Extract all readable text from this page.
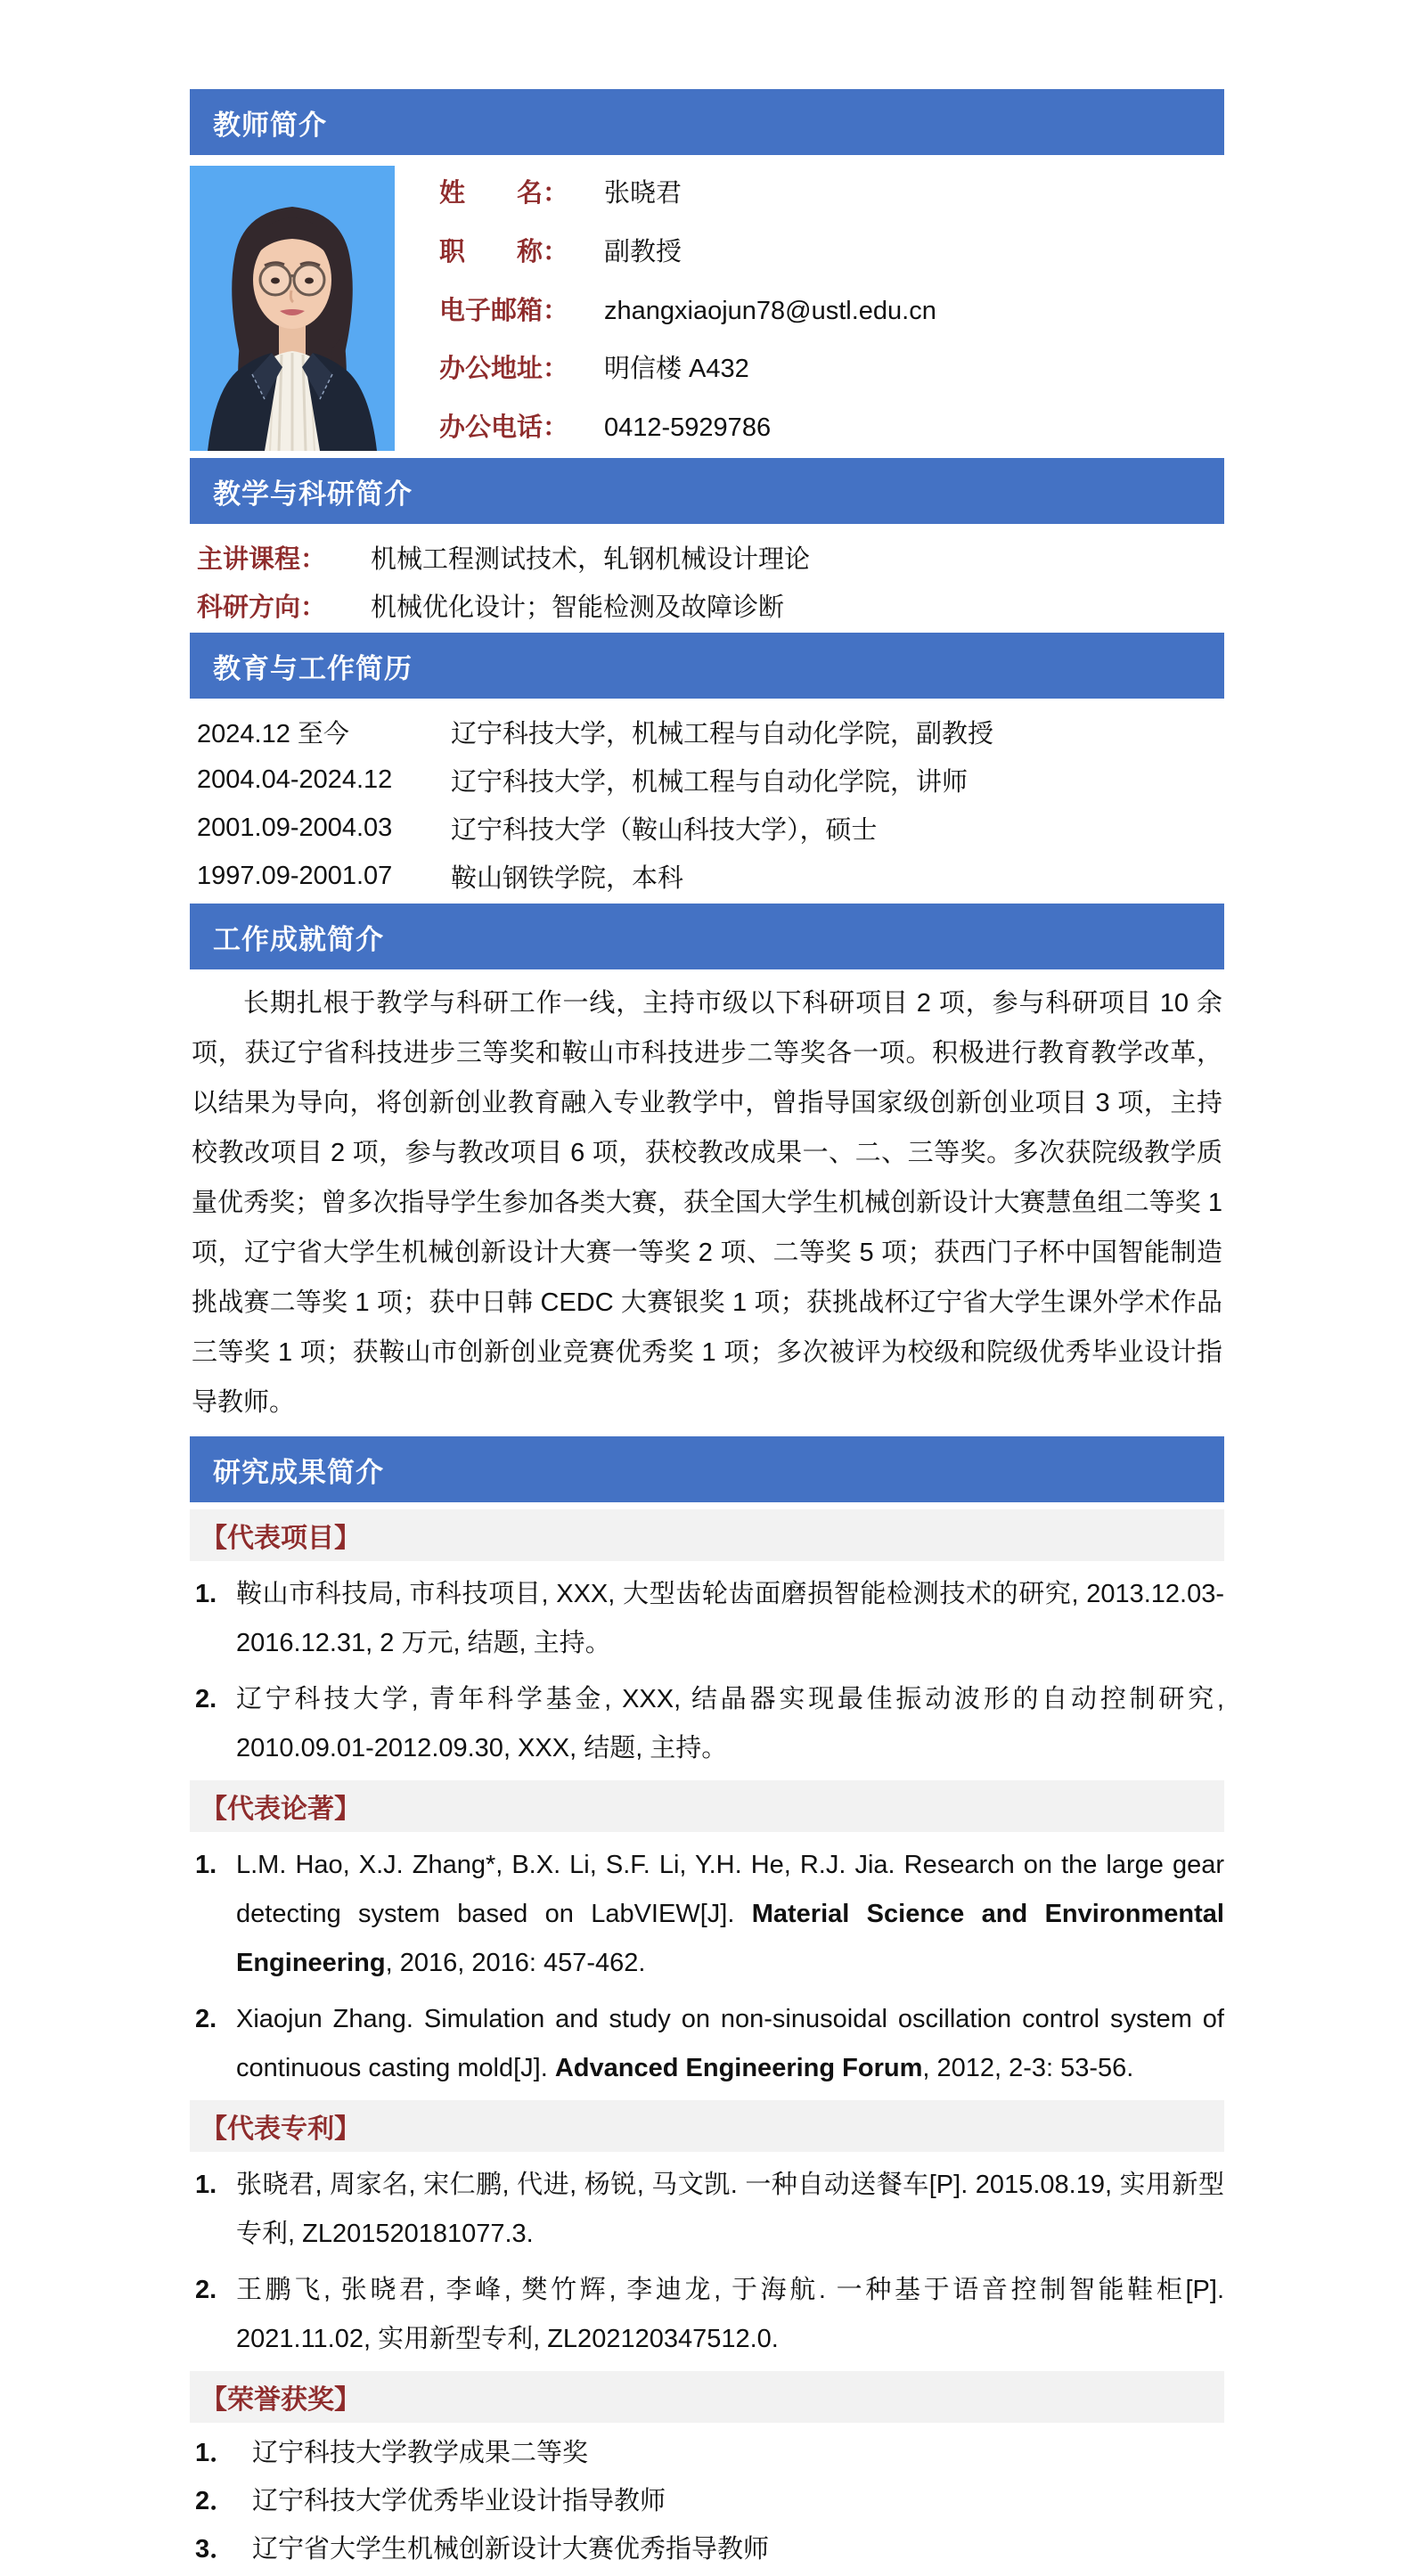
教师简介
姓　　名：	张晓君
职　　称：	副教授
电子邮箱：	zhangxiaojun78@ustl.edu.cn
办公地址：	明信楼 A432
办公电话：	0412-5929786
教学与科研简介
主讲课程：	机械工程测试技术，轧钢机械设计理论
科研方向：	机械优化设计；智能检测及故障诊断
教育与工作简历
2024.12 至今	辽宁科技大学，机械工程与自动化学院，副教授
2004.04-2024.12	辽宁科技大学，机械工程与自动化学院，讲师
2001.09-2004.03	辽宁科技大学（鞍山科技大学），硕士
1997.09-2001.07	鞍山钢铁学院，本科
工作成就简介

长期扎根于教学与科研工作一线，主持市级以下科研项目 2 项，参与科研项目 10 余项，获辽宁省科技进步三等奖和鞍山市科技进步二等奖各一项。积极进行教育教学改革，以结果为导向，将创新创业教育融入专业教学中，曾指导国家级创新创业项目 3 项，主持校教改项目 2 项，参与教改项目 6 项，获校教改成果一、二、三等奖。多次获院级教学质量优秀奖；曾多次指导学生参加各类大赛，获全国大学生机械创新设计大赛慧鱼组二等奖 1 项，辽宁省大学生机械创新设计大赛一等奖 2 项、二等奖 5 项；获西门子杯中国智能制造挑战赛二等奖 1 项；获中日韩 CEDC 大赛银奖 1 项；获挑战杯辽宁省大学生课外学术作品三等奖 1 项；获鞍山市创新创业竞赛优秀奖 1 项；多次被评为校级和院级优秀毕业设计指导教师。

研究成果简介
【代表项目】
1. 鞍山市科技局, 市科技项目, XXX, 大型齿轮齿面磨损智能检测技术的研究, 2013.12.03-2016.12.31, 2 万元, 结题, 主持。
2. 辽宁科技大学, 青年科学基金, XXX, 结晶器实现最佳振动波形的自动控制研究, 2010.09.01-2012.09.30, XXX, 结题, 主持。
【代表论著】
1. L.M. Hao, X.J. Zhang*, B.X. Li, S.F. Li, Y.H. He, R.J. Jia. Research on the large gear detecting system based on LabVIEW[J]. Material Science and Environmental Engineering, 2016, 2016: 457-462.
2. Xiaojun Zhang. Simulation and study on non-sinusoidal oscillation control system of continuous casting mold[J]. Advanced Engineering Forum, 2012, 2-3: 53-56.
【代表专利】
1. 张晓君, 周家名, 宋仁鹏, 代进, 杨锐, 马文凯. 一种自动送餐车[P]. 2015.08.19, 实用新型专利, ZL201520181077.3.
2. 王鹏飞, 张晓君, 李峰, 樊竹辉, 李迪龙, 于海航. 一种基于语音控制智能鞋柜[P]. 2021.11.02, 实用新型专利, ZL202120347512.0.
【荣誉获奖】
1． 辽宁科技大学教学成果二等奖
2． 辽宁科技大学优秀毕业设计指导教师
3． 辽宁省大学生机械创新设计大赛优秀指导教师
